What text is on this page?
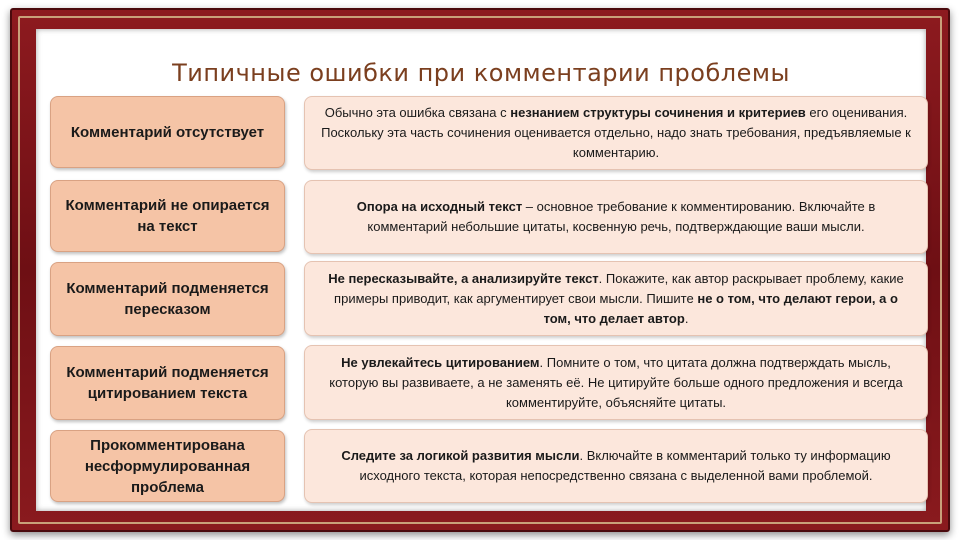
Типичные ошибки при комментарии проблемы
Комментарий отсутствует

Обычно эта ошибка связана с незнанием структуры сочинения и критериев его оценивания. Поскольку эта часть сочинения оценивается отдельно, надо знать требования, предъявляемые к комментарию.

Комментарий не опирается на текст

Опора на исходный текст – основное требование к комментированию. Включайте в комментарий небольшие цитаты, косвенную речь, подтверждающие ваши мысли.

Комментарий подменяется пересказом

Не пересказывайте, а анализируйте текст. Покажите, как автор раскрывает проблему, какие примеры приводит, как аргументирует свои мысли. Пишите не о том, что делают герои, а о том, что делает автор.

Комментарий подменяется цитированием текста

Не увлекайтесь цитированием. Помните о том, что цитата должна подтверждать мысль, которую вы развиваете, а не заменять её. Не цитируйте больше одного предложения и всегда комментируйте, объясняйте цитаты.

Прокомментирована несформулированная проблема

Следите за логикой развития мысли. Включайте в комментарий только ту информацию исходного текста, которая непосредственно связана с выделенной вами проблемой.
